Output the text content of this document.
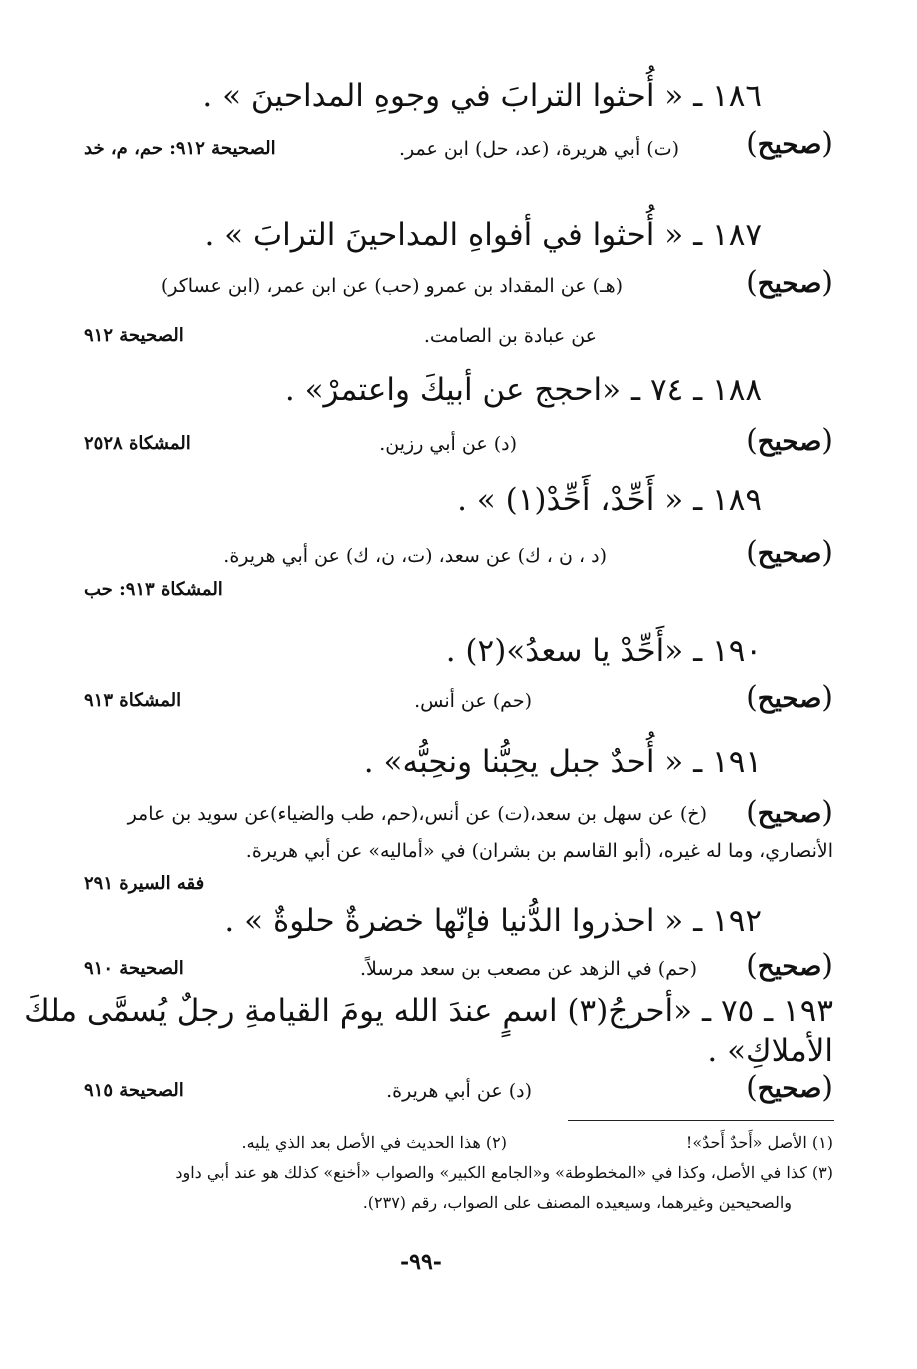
١٨٦ ـ « أُحثوا الترابَ في وجوهِ المداحينَ » .
(صحيح)
(ت) أبي هريرة، (عد، حل) ابن عمر.
الصحيحة ٩١٢: حم، م، خد
١٨٧ ـ « أُحثوا في أفواهِ المداحينَ الترابَ » .
(صحيح)
(هـ) عن المقداد بن عمرو (حب) عن ابن عمر، (ابن عساكر)
عن عبادة بن الصامت.
الصحيحة ٩١٢
١٨٨ ـ ٧٤ ـ «احجج عن أبيكَ واعتمرْ» .
(صحيح)
(د) عن أبي رزين.
المشكاة ٢٥٢٨
١٨٩ ـ « أَحِّدْ، أَحِّدْ(١) » .
(صحيح)
(د ، ن ، ك) عن سعد، (ت، ن، ك) عن أبي هريرة.
المشكاة ٩١٣: حب
١٩٠ ـ «أَحِّدْ يا سعدُ»(٢) .
(صحيح)
(حم) عن أنس.
المشكاة ٩١٣
١٩١ ـ « أُحدٌ جبل يحِبُّنا ونحِبُّه» .
(صحيح)
(خ) عن سهل بن سعد،(ت) عن أنس،(حم، طب والضياء)عن سويد بن عامر
الأنصاري، وما له غيره، (أبو القاسم بن بشران) في «أماليه» عن أبي هريرة.
فقه السيرة ٢٩١
١٩٢ ـ « احذروا الدُّنيا فإنّها خضرةٌ حلوةٌ » .
(صحيح)
(حم) في الزهد عن مصعب بن سعد مرسلاً.
الصحيحة ٩١٠
١٩٣ ـ ٧٥ ـ «أحرجُ(٣) اسمٍ عندَ الله يومَ القيامةِ رجلٌ يُسمَّى ملكَ
الأملاكِ» .
(صحيح)
(د) عن أبي هريرة.
الصحيحة ٩١٥
(١) الأصل «أَحدٌ أَحدٌ»!
(٢) هذا الحديث في الأصل بعد الذي يليه.
(٣) كذا في الأصل، وكذا في «المخطوطة» و«الجامع الكبير» والصواب «أخنع» كذلك هو عند أبي داود
والصحيحين وغيرهما، وسيعيده المصنف على الصواب، رقم (٢٣٧).
-٩٩-
